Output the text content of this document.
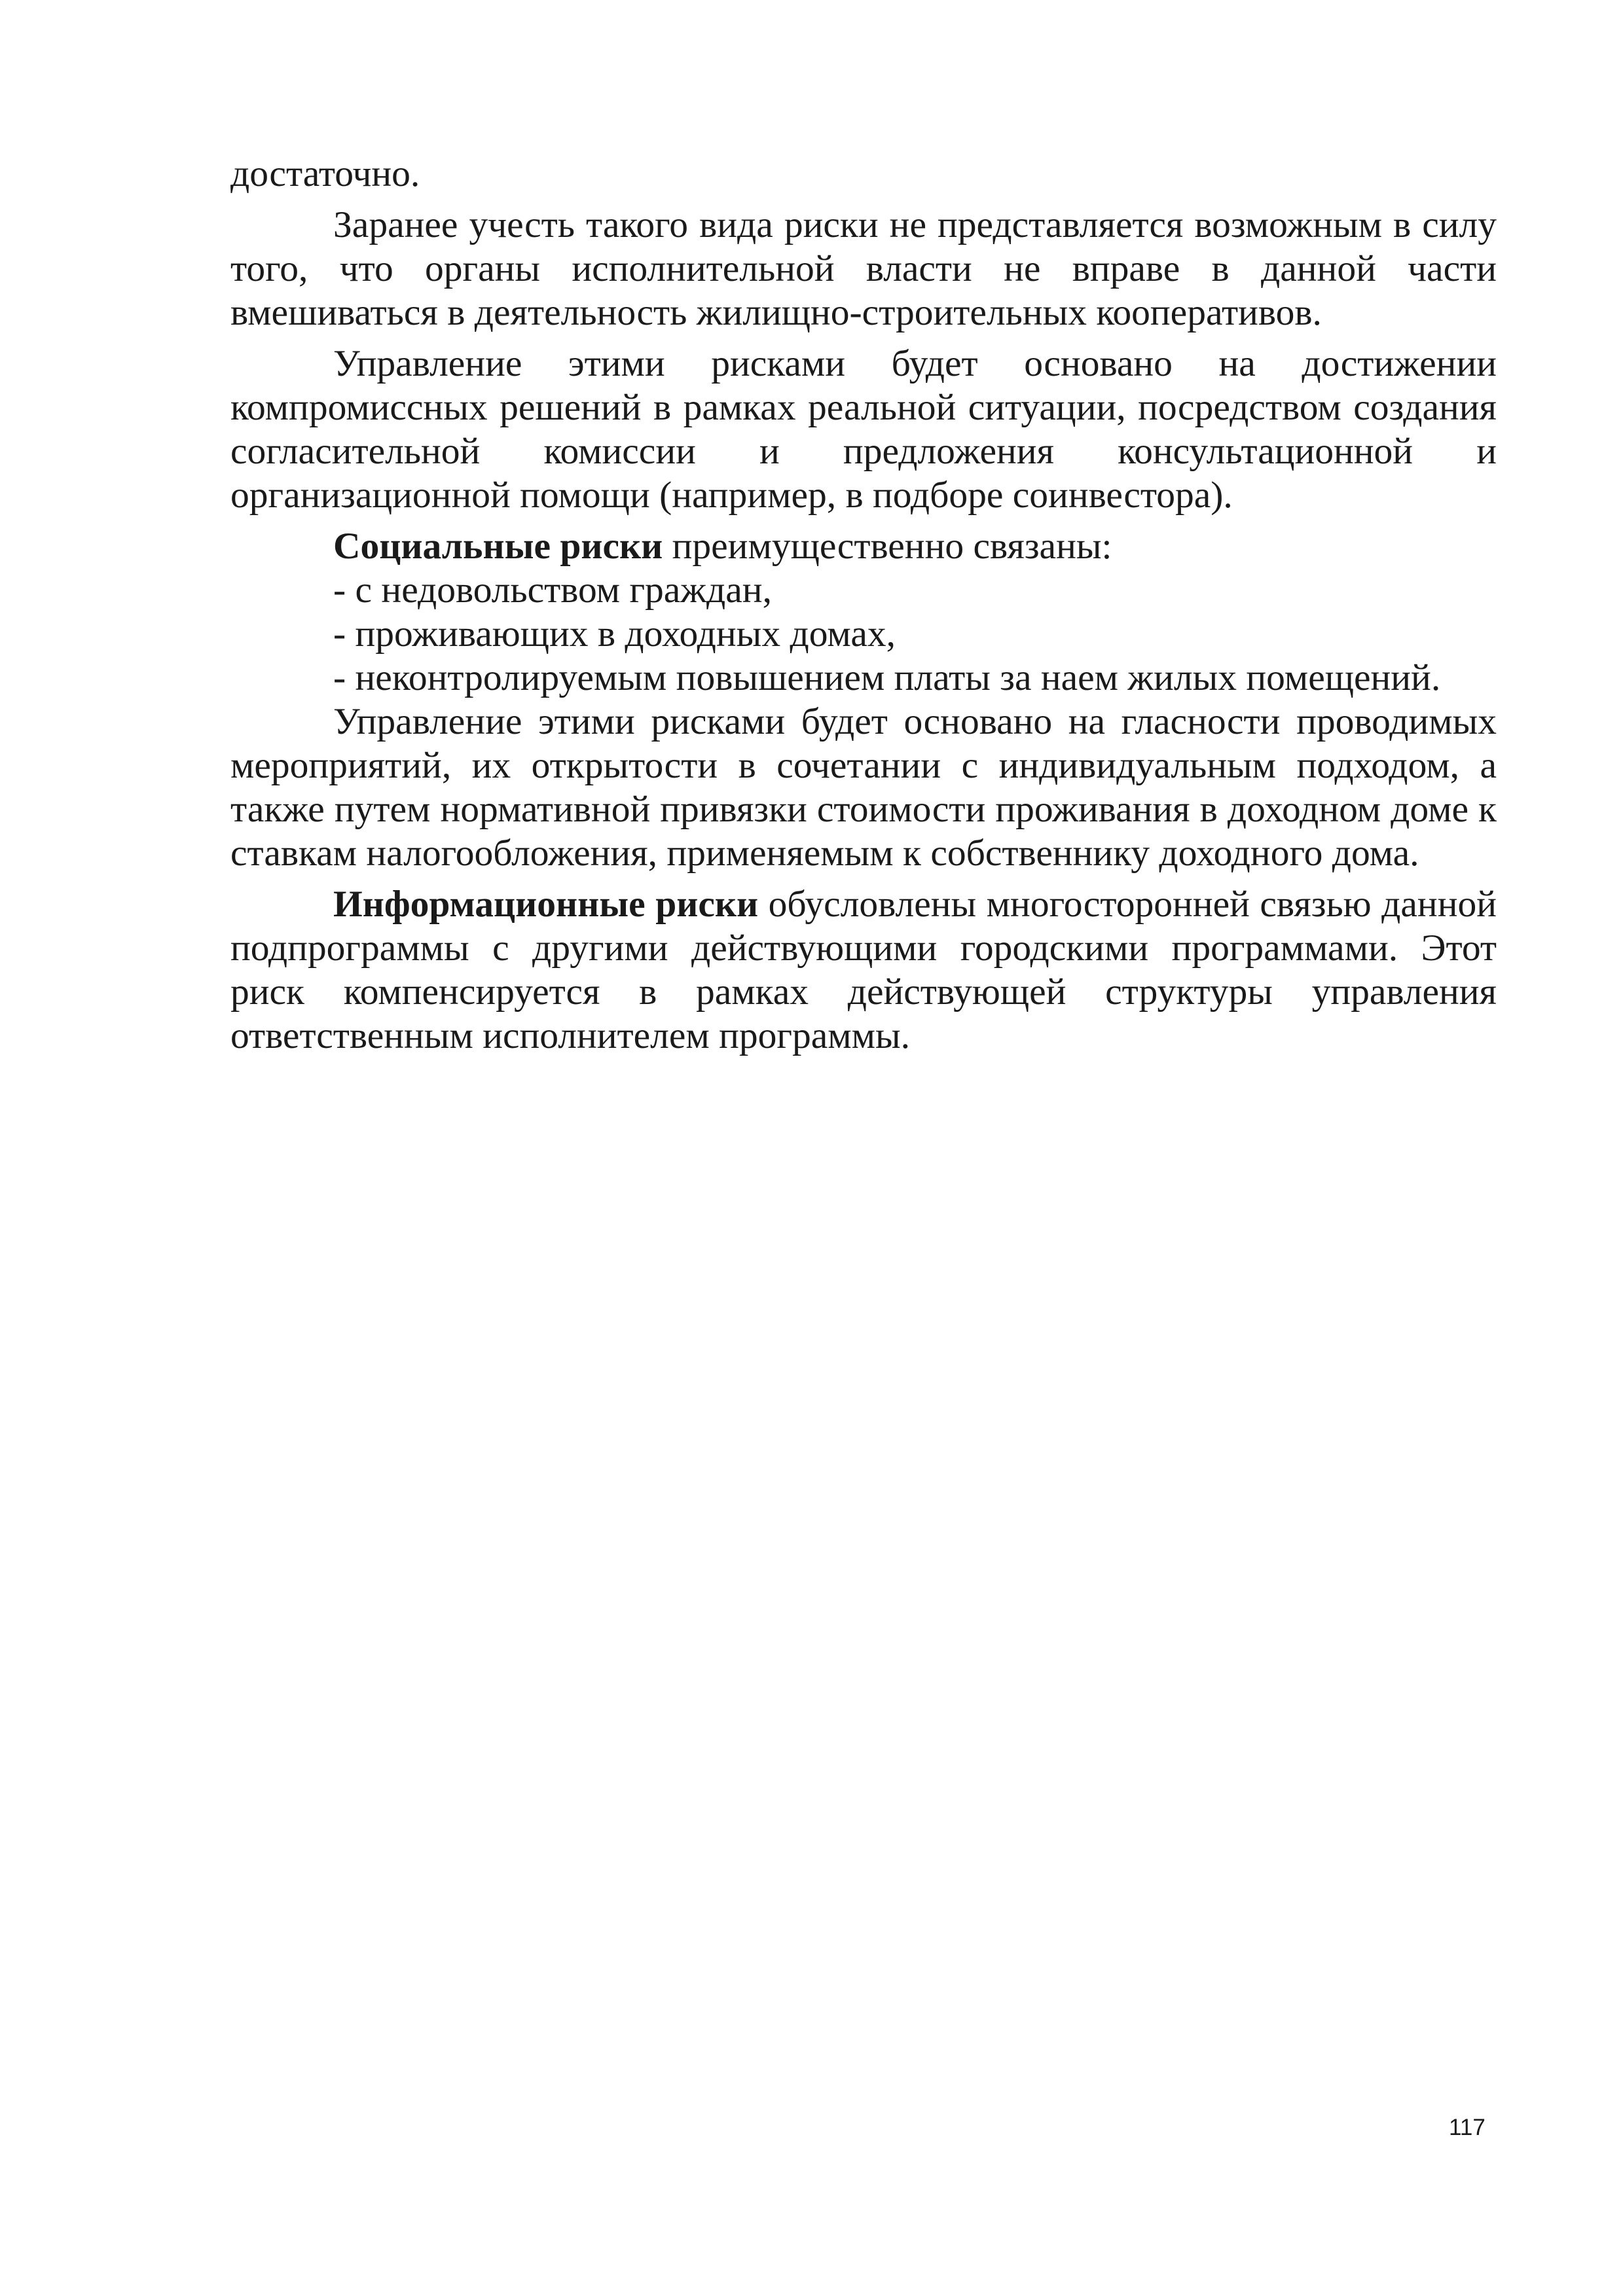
достаточно.

Заранее учесть такого вида риски не представляется возможным в силу того, что органы исполнительной власти не вправе в данной части вмешиваться в деятельность жилищно-строительных кооперативов.

Управление этими рисками будет основано на достижении компромиссных решений в рамках реальной ситуации, посредством создания согласительной комиссии и предложения консультационной и организационной помощи (например, в подборе соинвестора).

Социальные риски преимущественно связаны:

- с недовольством граждан,

- проживающих в доходных домах,

- неконтролируемым повышением платы за наем жилых помещений.

Управление этими рисками будет основано на гласности проводимых мероприятий, их открытости в сочетании с индивидуальным подходом, а также путем нормативной привязки стоимости проживания в доходном доме к ставкам налогообложения, применяемым к собственнику доходного дома.

Информационные риски обусловлены многосторонней связью данной подпрограммы с другими действующими городскими программами. Этот риск компенсируется в рамках действующей структуры управления ответственным исполнителем программы.

117
